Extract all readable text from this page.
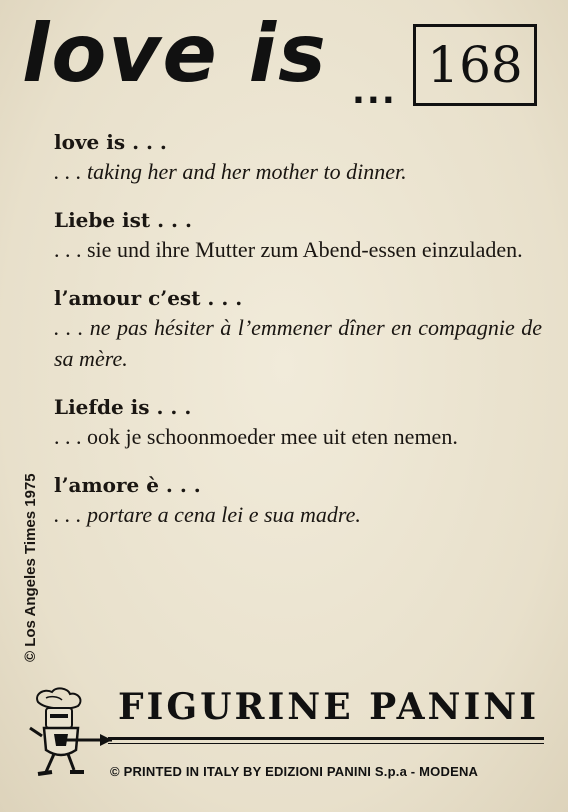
love is ... 168

love is . . .

. . . taking her and her mother to dinner.

Liebe ist . . .

. . . sie und ihre Mutter zum Abend-essen einzuladen.

l’amour c’est . . .

. . . ne pas hésiter à l’emmener dîner en compagnie de sa mère.

Liefde is . . .

. . . ook je schoonmoeder mee uit eten nemen.

l’amore è . . .

. . . portare a cena lei e sua madre.

© Los Angeles Times 1975
FIGURINE PANINI
© PRINTED IN ITALY BY EDIZIONI PANINI S.p.a - MODENA
